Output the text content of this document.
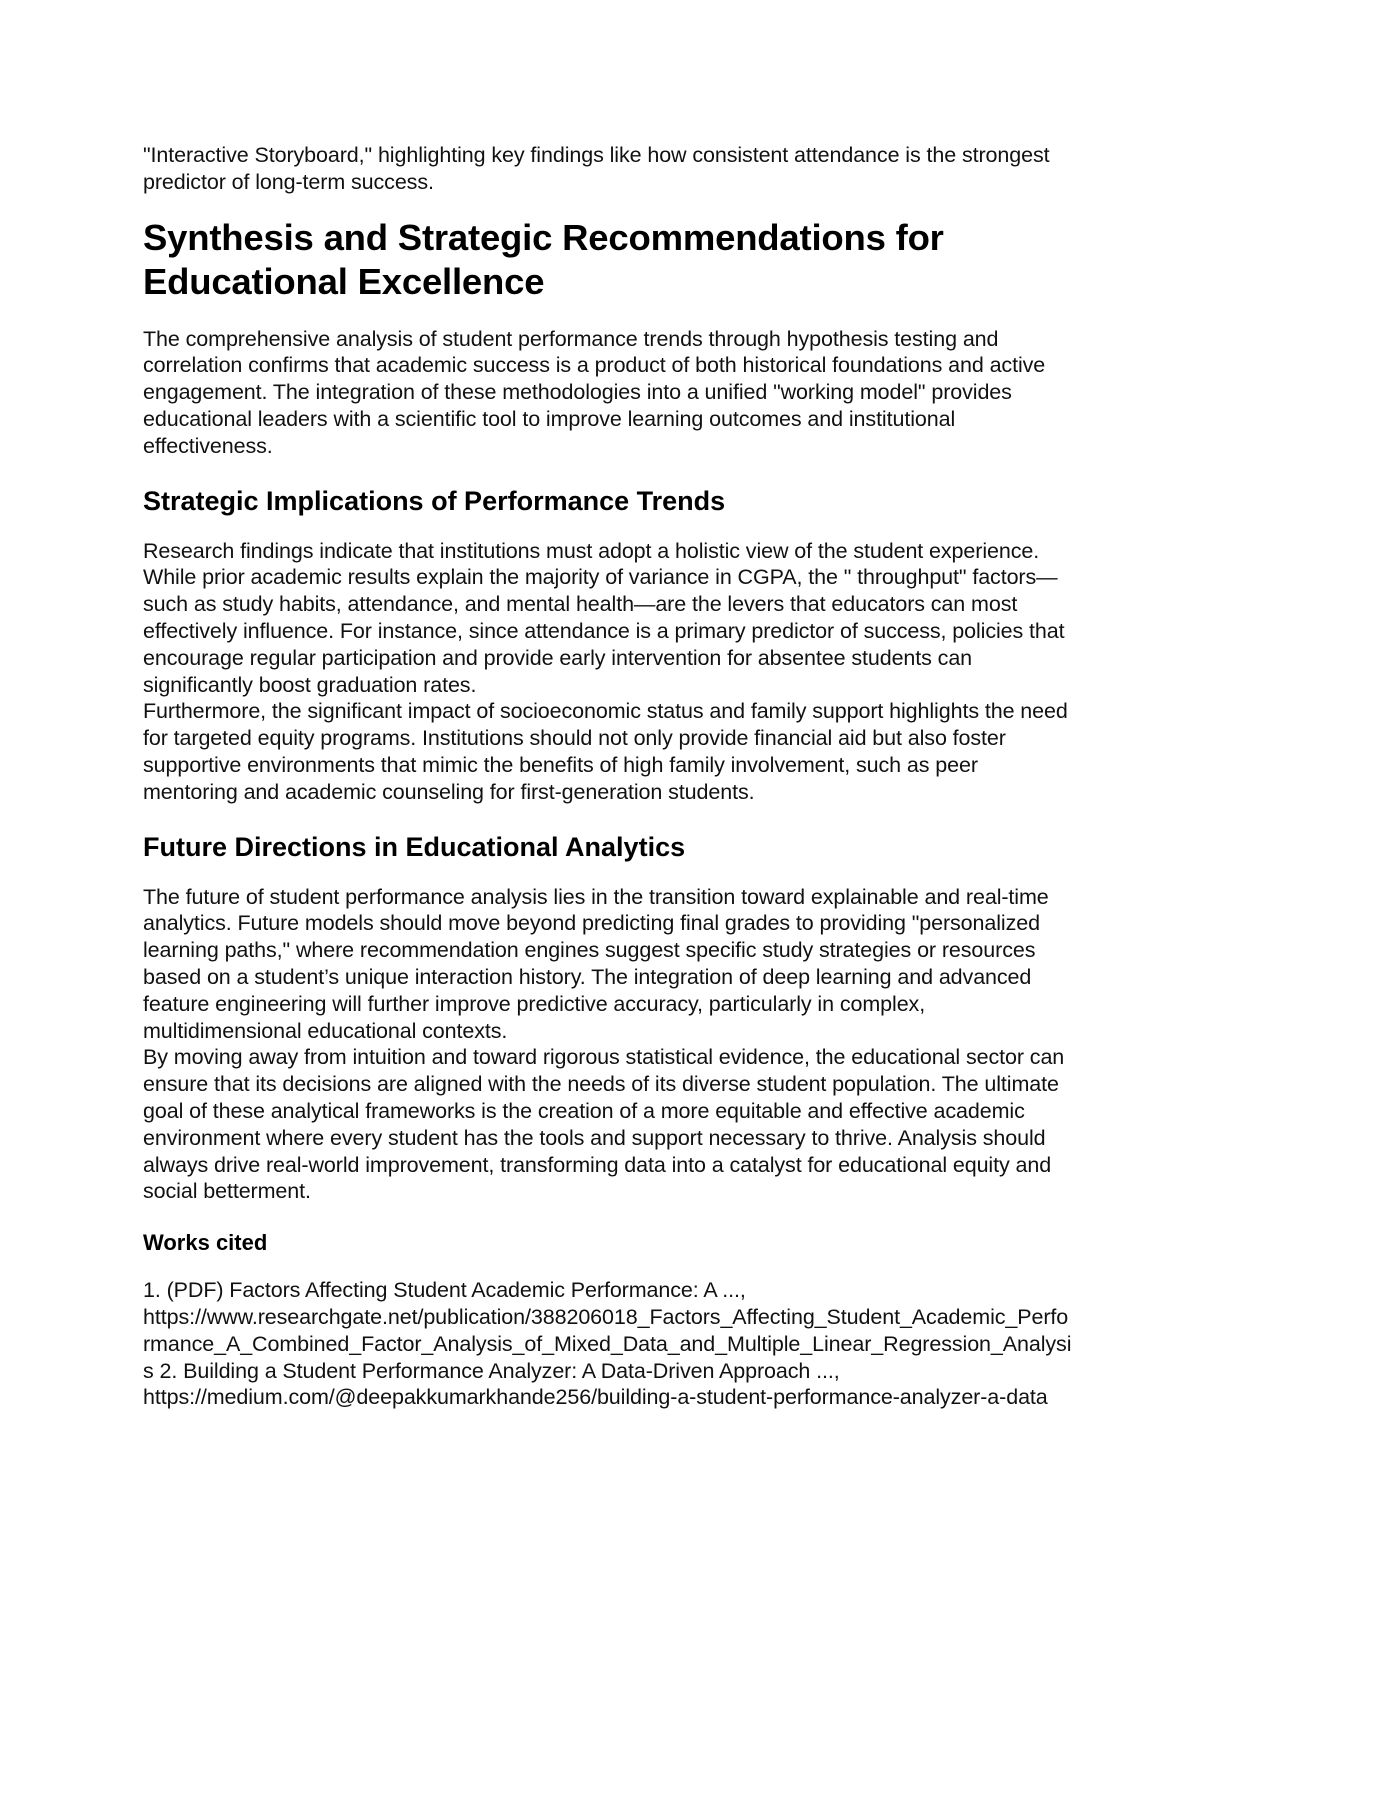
"Interactive Storyboard," highlighting key findings like how consistent attendance is the strongest predictor of long-term success.

Synthesis and Strategic Recommendations for Educational Excellence

The comprehensive analysis of student performance trends through hypothesis testing and correlation confirms that academic success is a product of both historical foundations and active engagement. The integration of these methodologies into a unified "working model" provides educational leaders with a scientific tool to improve learning outcomes and institutional effectiveness.

Strategic Implications of Performance Trends

Research findings indicate that institutions must adopt a holistic view of the student experience. While prior academic results explain the majority of variance in CGPA, the " throughput" factors—such as study habits, attendance, and mental health—are the levers that educators can most effectively influence. For instance, since attendance is a primary predictor of success, policies that encourage regular participation and provide early intervention for absentee students can significantly boost graduation rates.

Furthermore, the significant impact of socioeconomic status and family support highlights the need for targeted equity programs. Institutions should not only provide financial aid but also foster supportive environments that mimic the benefits of high family involvement, such as peer mentoring and academic counseling for first-generation students.

Future Directions in Educational Analytics

The future of student performance analysis lies in the transition toward explainable and real-time analytics. Future models should move beyond predicting final grades to providing "personalized learning paths," where recommendation engines suggest specific study strategies or resources based on a student’s unique interaction history. The integration of deep learning and advanced feature engineering will further improve predictive accuracy, particularly in complex, multidimensional educational contexts.

By moving away from intuition and toward rigorous statistical evidence, the educational sector can ensure that its decisions are aligned with the needs of its diverse student population. The ultimate goal of these analytical frameworks is the creation of a more equitable and effective academic environment where every student has the tools and support necessary to thrive. Analysis should always drive real-world improvement, transforming data into a catalyst for educational equity and social betterment.

Works cited

1. (PDF) Factors Affecting Student Academic Performance: A ...,

https://www.researchgate.net/publication/388206018_Factors_Affecting_Student_Academic_Performance_A_Combined_Factor_Analysis_of_Mixed_Data_and_Multiple_Linear_Regression_Analysis 2. Building a Student Performance Analyzer: A Data-Driven Approach ...,

https://medium.com/@deepakkumarkhande256/building-a-student-performance-analyzer-a-data
